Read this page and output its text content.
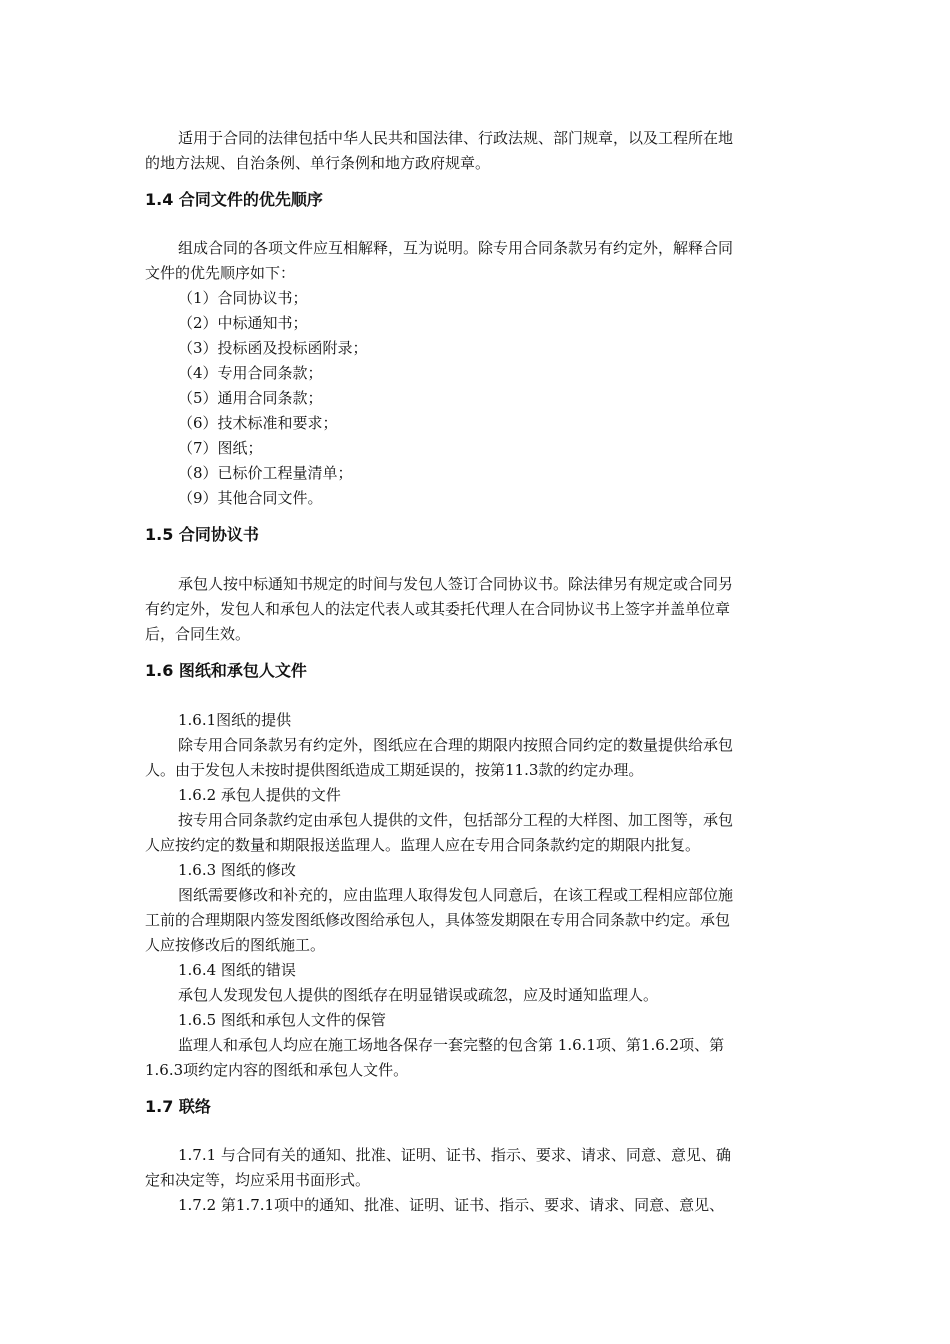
适用于合同的法律包括中华人民共和国法律、行政法规、部门规章，以及工程所在地
的地方法规、自治条例、单行条例和地方政府规章。
1.4 合同文件的优先顺序
组成合同的各项文件应互相解释，互为说明。除专用合同条款另有约定外，解释合同
文件的优先顺序如下：
（1）合同协议书；
（2）中标通知书；
（3）投标函及投标函附录；
（4）专用合同条款；
（5）通用合同条款；
（6）技术标准和要求；
（7）图纸；
（8）已标价工程量清单；
（9）其他合同文件。
1.5 合同协议书
承包人按中标通知书规定的时间与发包人签订合同协议书。除法律另有规定或合同另
有约定外，发包人和承包人的法定代表人或其委托代理人在合同协议书上签字并盖单位章
后，合同生效。
1.6 图纸和承包人文件
1.6.1图纸的提供
除专用合同条款另有约定外，图纸应在合理的期限内按照合同约定的数量提供给承包
人。由于发包人未按时提供图纸造成工期延误的，按第11.3款的约定办理。
1.6.2 承包人提供的文件
按专用合同条款约定由承包人提供的文件，包括部分工程的大样图、加工图等，承包
人应按约定的数量和期限报送监理人。监理人应在专用合同条款约定的期限内批复。
1.6.3 图纸的修改
图纸需要修改和补充的，应由监理人取得发包人同意后，在该工程或工程相应部位施
工前的合理期限内签发图纸修改图给承包人，具体签发期限在专用合同条款中约定。承包
人应按修改后的图纸施工。
1.6.4 图纸的错误
承包人发现发包人提供的图纸存在明显错误或疏忽，应及时通知监理人。
1.6.5 图纸和承包人文件的保管
监理人和承包人均应在施工场地各保存一套完整的包含第 1.6.1项、第1.6.2项、第
1.6.3项约定内容的图纸和承包人文件。
1.7 联络
1.7.1 与合同有关的通知、批准、证明、证书、指示、要求、请求、同意、意见、确
定和决定等，均应采用书面形式。
1.7.2 第1.7.1项中的通知、批准、证明、证书、指示、要求、请求、同意、意见、
